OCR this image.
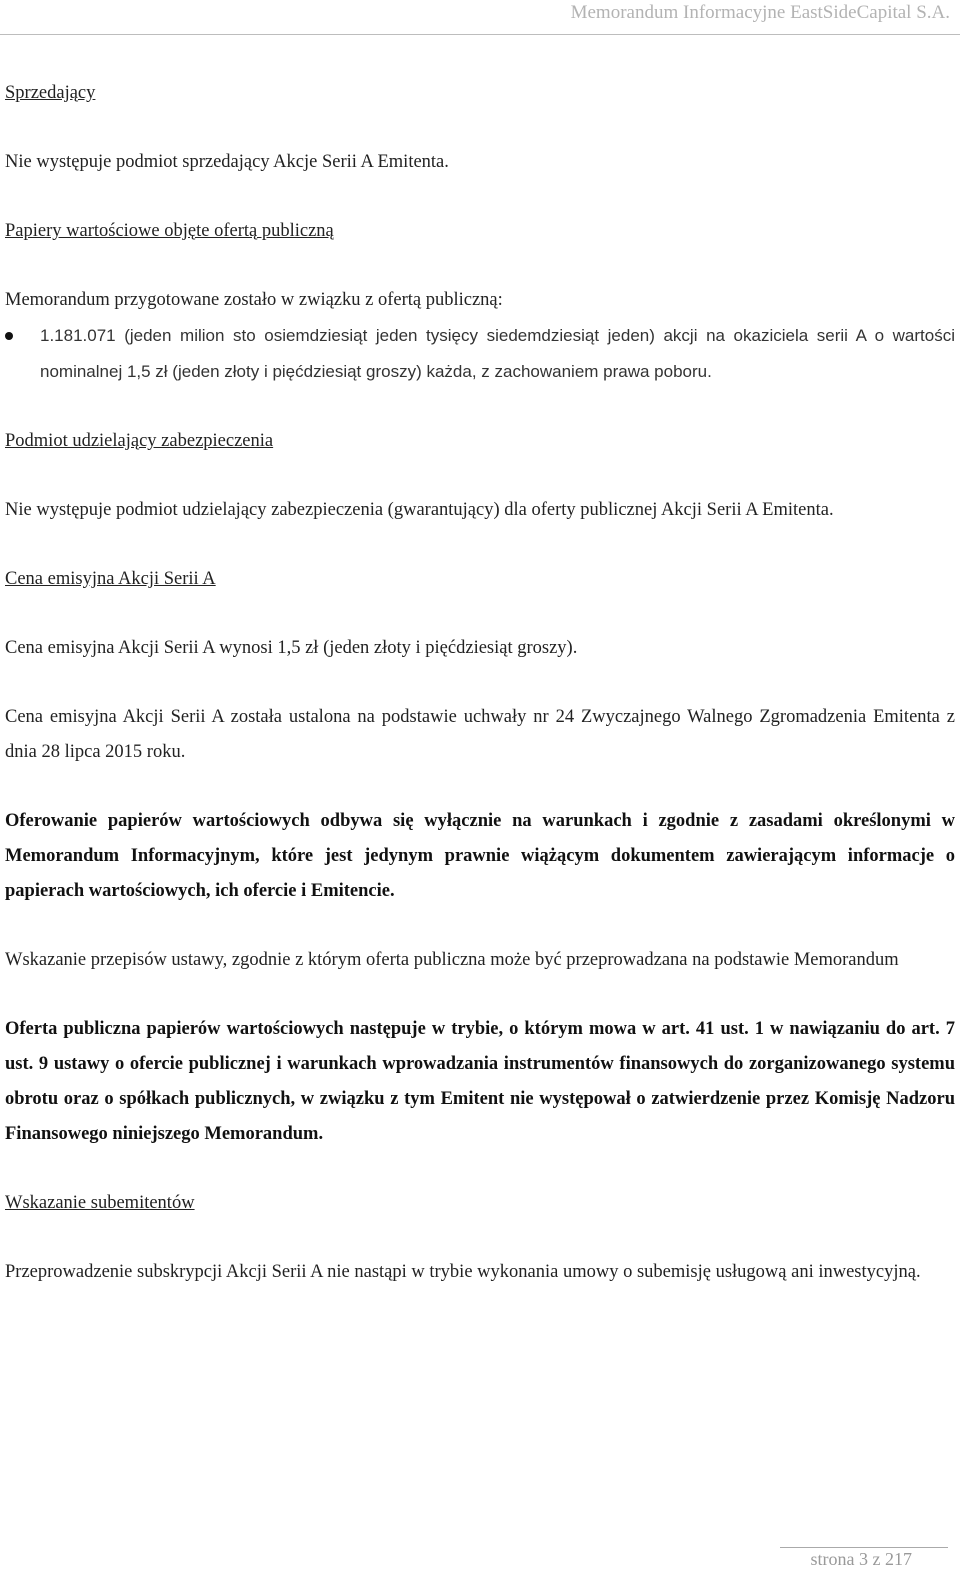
Memorandum Informacyjne EastSideCapital S.A.

Sprzedający

Nie występuje podmiot sprzedający Akcje Serii A Emitenta.

Papiery wartościowe objęte ofertą publiczną

Memorandum przygotowane zostało w związku z ofertą publiczną:

1.181.071 (jeden milion sto osiemdziesiąt jeden tysięcy siedemdziesiąt jeden) akcji na okaziciela serii A o wartości nominalnej 1,5 zł (jeden złoty i pięćdziesiąt groszy) każda, z zachowaniem prawa poboru.

Podmiot udzielający zabezpieczenia

Nie występuje podmiot udzielający zabezpieczenia (gwarantujący) dla oferty publicznej Akcji Serii A Emitenta.

Cena emisyjna Akcji Serii A

Cena emisyjna Akcji Serii A wynosi 1,5 zł (jeden złoty i pięćdziesiąt groszy).

Cena emisyjna Akcji Serii A została ustalona na podstawie uchwały nr 24 Zwyczajnego Walnego Zgromadzenia Emitenta z dnia 28 lipca 2015 roku.

Oferowanie papierów wartościowych odbywa się wyłącznie na warunkach i zgodnie z zasadami określonymi w Memorandum Informacyjnym, które jest jedynym prawnie wiążącym dokumentem zawierającym informacje o papierach wartościowych, ich ofercie i Emitencie.

Wskazanie przepisów ustawy, zgodnie z którym oferta publiczna może być przeprowadzana na podstawie Memorandum

Oferta publiczna papierów wartościowych następuje w trybie, o którym mowa w art. 41 ust. 1 w nawiązaniu do art. 7 ust. 9 ustawy o ofercie publicznej i warunkach wprowadzania instrumentów finansowych do zorganizowanego systemu obrotu oraz o spółkach publicznych, w związku z tym Emitent nie występował o zatwierdzenie przez Komisję Nadzoru Finansowego niniejszego Memorandum.

Wskazanie subemitentów

Przeprowadzenie subskrypcji Akcji Serii A nie nastąpi w trybie wykonania umowy o subemisję usługową ani inwestycyjną.

strona 3 z 217
